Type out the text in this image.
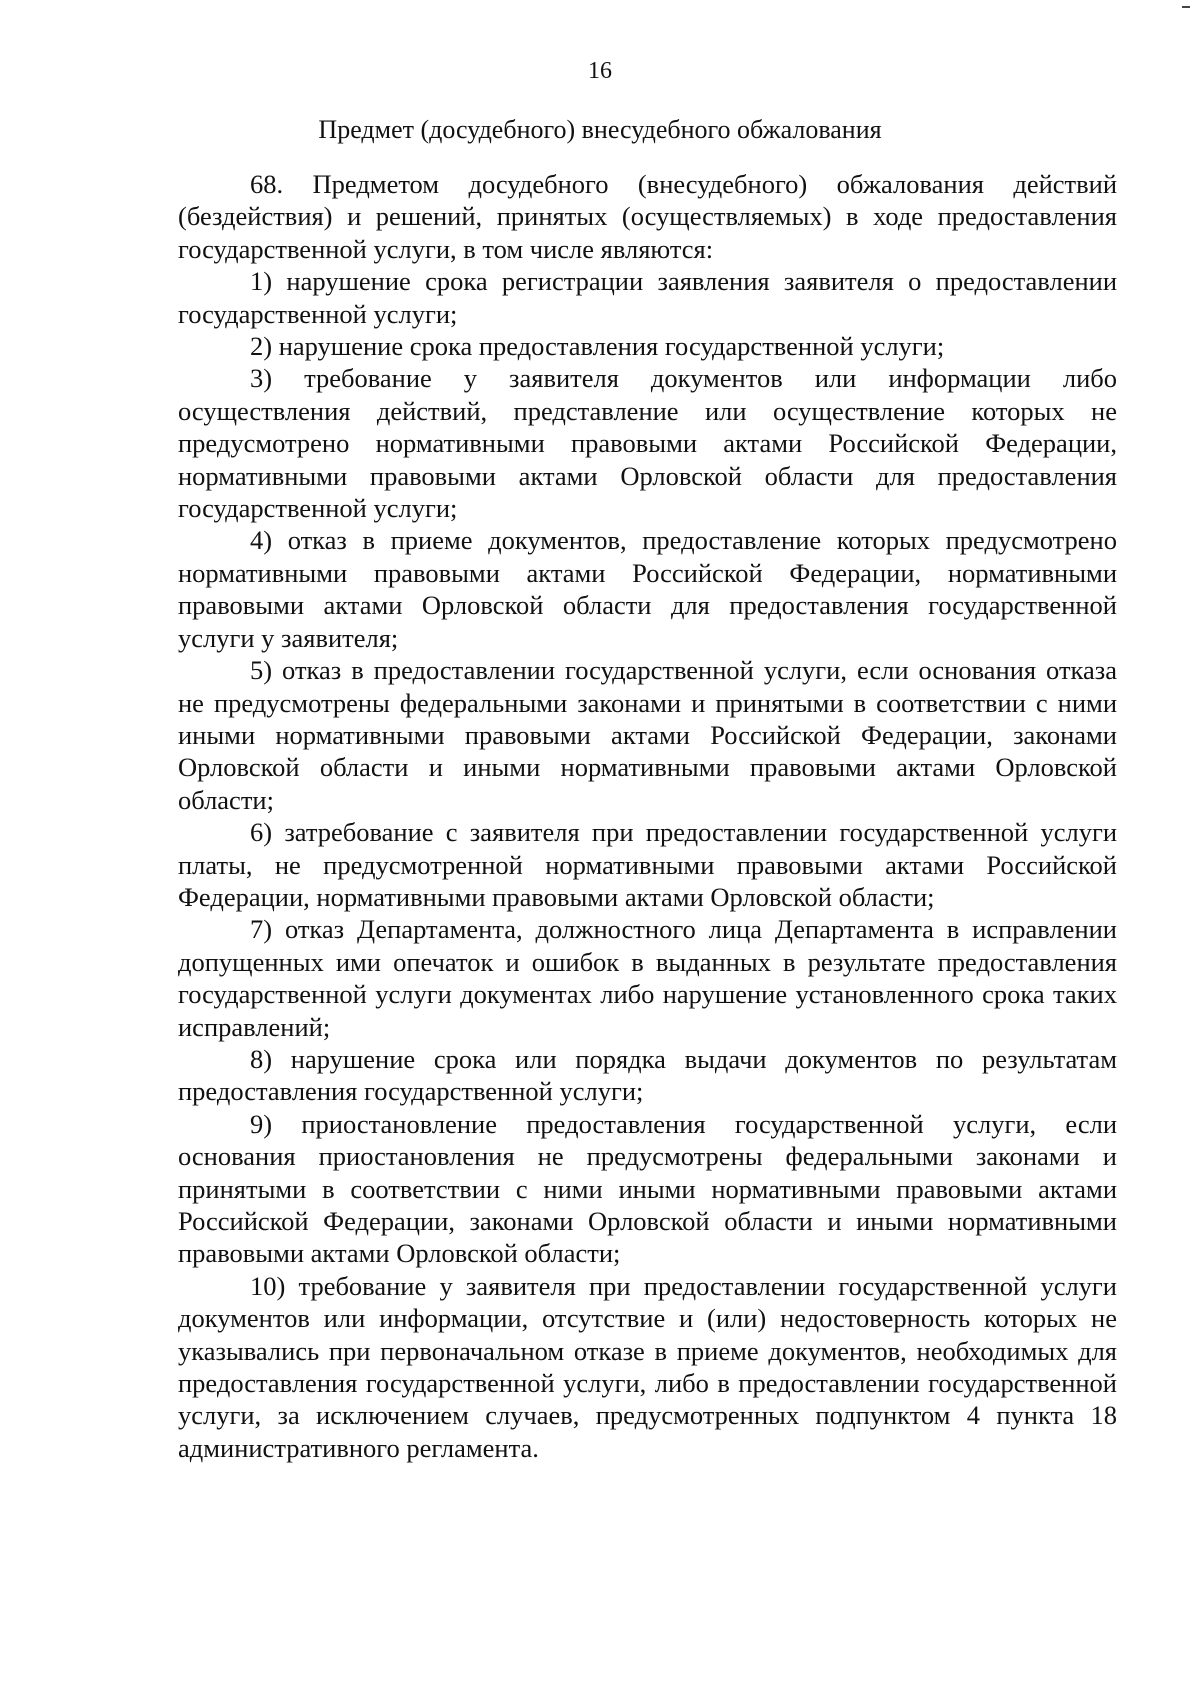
16
Предмет (досудебного) внесудебного обжалования

68. Предметом досудебного (внесудебного) обжалования действий (бездействия) и решений, принятых (осуществляемых) в ходе предоставления государственной услуги, в том числе являются:

1) нарушение срока регистрации заявления заявителя о предоставлении государственной услуги;

2) нарушение срока предоставления государственной услуги;

3) требование у заявителя документов или информации либо осуществления действий, представление или осуществление которых не предусмотрено нормативными правовыми актами Российской Федерации, нормативными правовыми актами Орловской области для предоставления государственной услуги;

4) отказ в приеме документов, предоставление которых предусмотрено нормативными правовыми актами Российской Федерации, нормативными правовыми актами Орловской области для предоставления государственной услуги у заявителя;

5) отказ в предоставлении государственной услуги, если основания отказа не предусмотрены федеральными законами и принятыми в соответствии с ними иными нормативными правовыми актами Российской Федерации, законами Орловской области и иными нормативными правовыми актами Орловской области;

6) затребование с заявителя при предоставлении государственной услуги платы, не предусмотренной нормативными правовыми актами Российской Федерации, нормативными правовыми актами Орловской области;

7) отказ Департамента, должностного лица Департамента в исправлении допущенных ими опечаток и ошибок в выданных в результате предоставления государственной услуги документах либо нарушение установленного срока таких исправлений;

8) нарушение срока или порядка выдачи документов по результатам предоставления государственной услуги;

9) приостановление предоставления государственной услуги, если основания приостановления не предусмотрены федеральными законами и принятыми в соответствии с ними иными нормативными правовыми актами Российской Федерации, законами Орловской области и иными нормативными правовыми актами Орловской области;

10) требование у заявителя при предоставлении государственной услуги документов или информации, отсутствие и (или) недостоверность которых не указывались при первоначальном отказе в приеме документов, необходимых для предоставления государственной услуги, либо в предоставлении государственной услуги, за исключением случаев, предусмотренных подпунктом 4 пункта 18 административного регламента.
